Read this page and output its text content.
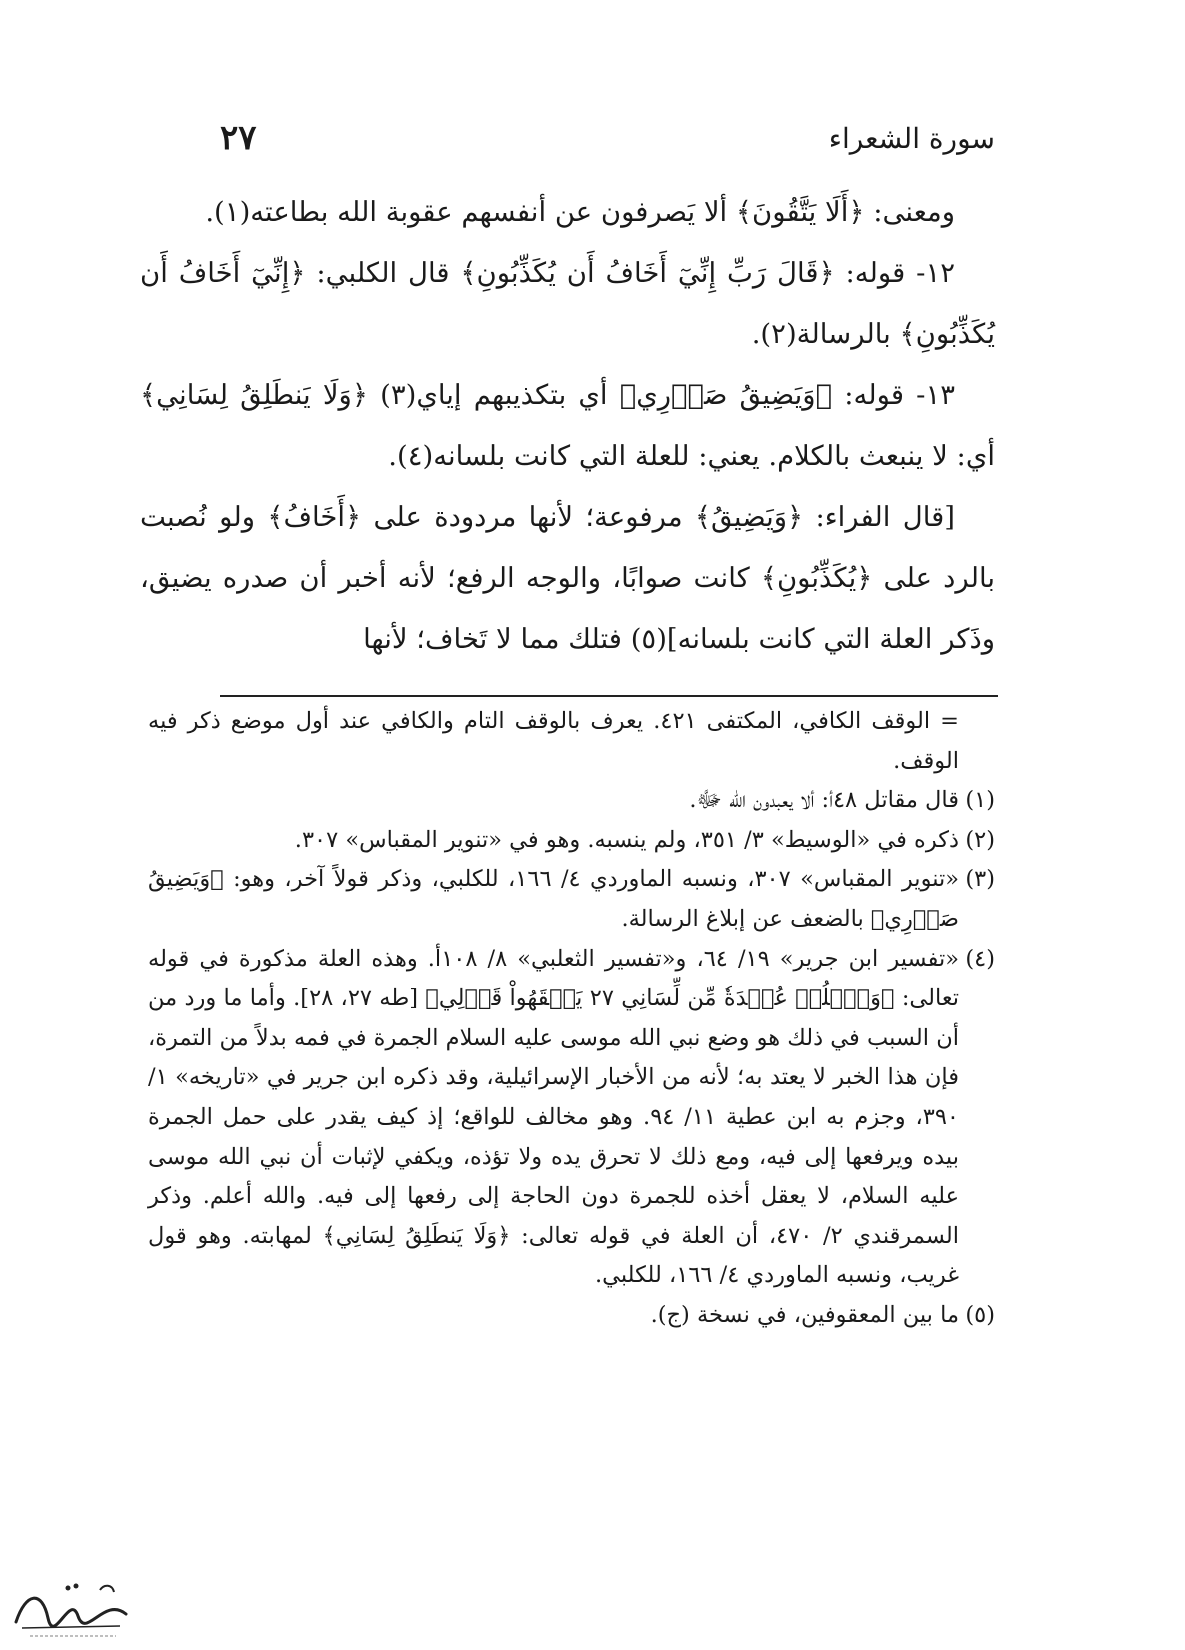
٢٧	سورة الشعراء

ومعنى: ﴿أَلَا يَتَّقُونَ﴾ ألا يَصرفون عن أنفسهم عقوبة الله بطاعته(١).

١٢- قوله: ﴿قَالَ رَبِّ إِنِّيٓ أَخَافُ أَن يُكَذِّبُونِ﴾ قال الكلبي: ﴿إِنِّيٓ أَخَافُ أَن يُكَذِّبُونِ﴾ بالرسالة(٢).

١٣- قوله: ﴿وَيَضِيقُ صَدۡرِي﴾ أي بتكذيبهم إياي(٣) ﴿وَلَا يَنطَلِقُ لِسَانِي﴾ أي: لا ينبعث بالكلام. يعني: للعلة التي كانت بلسانه(٤).

[قال الفراء: ﴿وَيَضِيقُ﴾ مرفوعة؛ لأنها مردودة على ﴿أَخَافُ﴾ ولو نُصبت بالرد على ﴿يُكَذِّبُونِ﴾ كانت صوابًا، والوجه الرفع؛ لأنه أخبر أن صدره يضيق، وذَكر العلة التي كانت بلسانه](٥) فتلك مما لا تَخاف؛ لأنها

= الوقف الكافي، المكتفى ٤٢١. يعرف بالوقف التام والكافي عند أول موضع ذكر فيه الوقف.

(١)قال مقاتل ٤٨أ: ألا يعبدون الله ﷻ.

(٢)ذكره في «الوسيط» ٣/ ٣٥١، ولم ينسبه. وهو في «تنوير المقباس» ٣٠٧.

(٣)«تنوير المقباس» ٣٠٧، ونسبه الماوردي ٤/ ١٦٦، للكلبي، وذكر قولاً آخر، وهو: ﴿وَيَضِيقُ صَدۡرِي﴾ بالضعف عن إبلاغ الرسالة.

(٤)«تفسير ابن جرير» ١٩/ ٦٤، و«تفسير الثعلبي» ٨/ ١٠٨أ. وهذه العلة مذكورة في قوله تعالى: ﴿وَٱحۡلُلۡ عُقۡدَةٗ مِّن لِّسَانِي ٢٧ يَفۡقَهُواْ قَوۡلِي﴾ [طه ٢٧، ٢٨]. وأما ما ورد من أن السبب في ذلك هو وضع نبي الله موسى عليه السلام الجمرة في فمه بدلاً من التمرة، فإن هذا الخبر لا يعتد به؛ لأنه من الأخبار الإسرائيلية، وقد ذكره ابن جرير في «تاريخه» ١/ ٣٩٠، وجزم به ابن عطية ١١/ ٩٤. وهو مخالف للواقع؛ إذ كيف يقدر على حمل الجمرة بيده ويرفعها إلى فيه، ومع ذلك لا تحرق يده ولا تؤذه، ويكفي لإثبات أن نبي الله موسى عليه السلام، لا يعقل أخذه للجمرة دون الحاجة إلى رفعها إلى فيه. والله أعلم. وذكر السمرقندي ٢/ ٤٧٠، أن العلة في قوله تعالى: ﴿وَلَا يَنطَلِقُ لِسَانِي﴾ لمهابته. وهو قول غريب، ونسبه الماوردي ٤/ ١٦٦، للكلبي.

(٥)ما بين المعقوفين، في نسخة (ج).
